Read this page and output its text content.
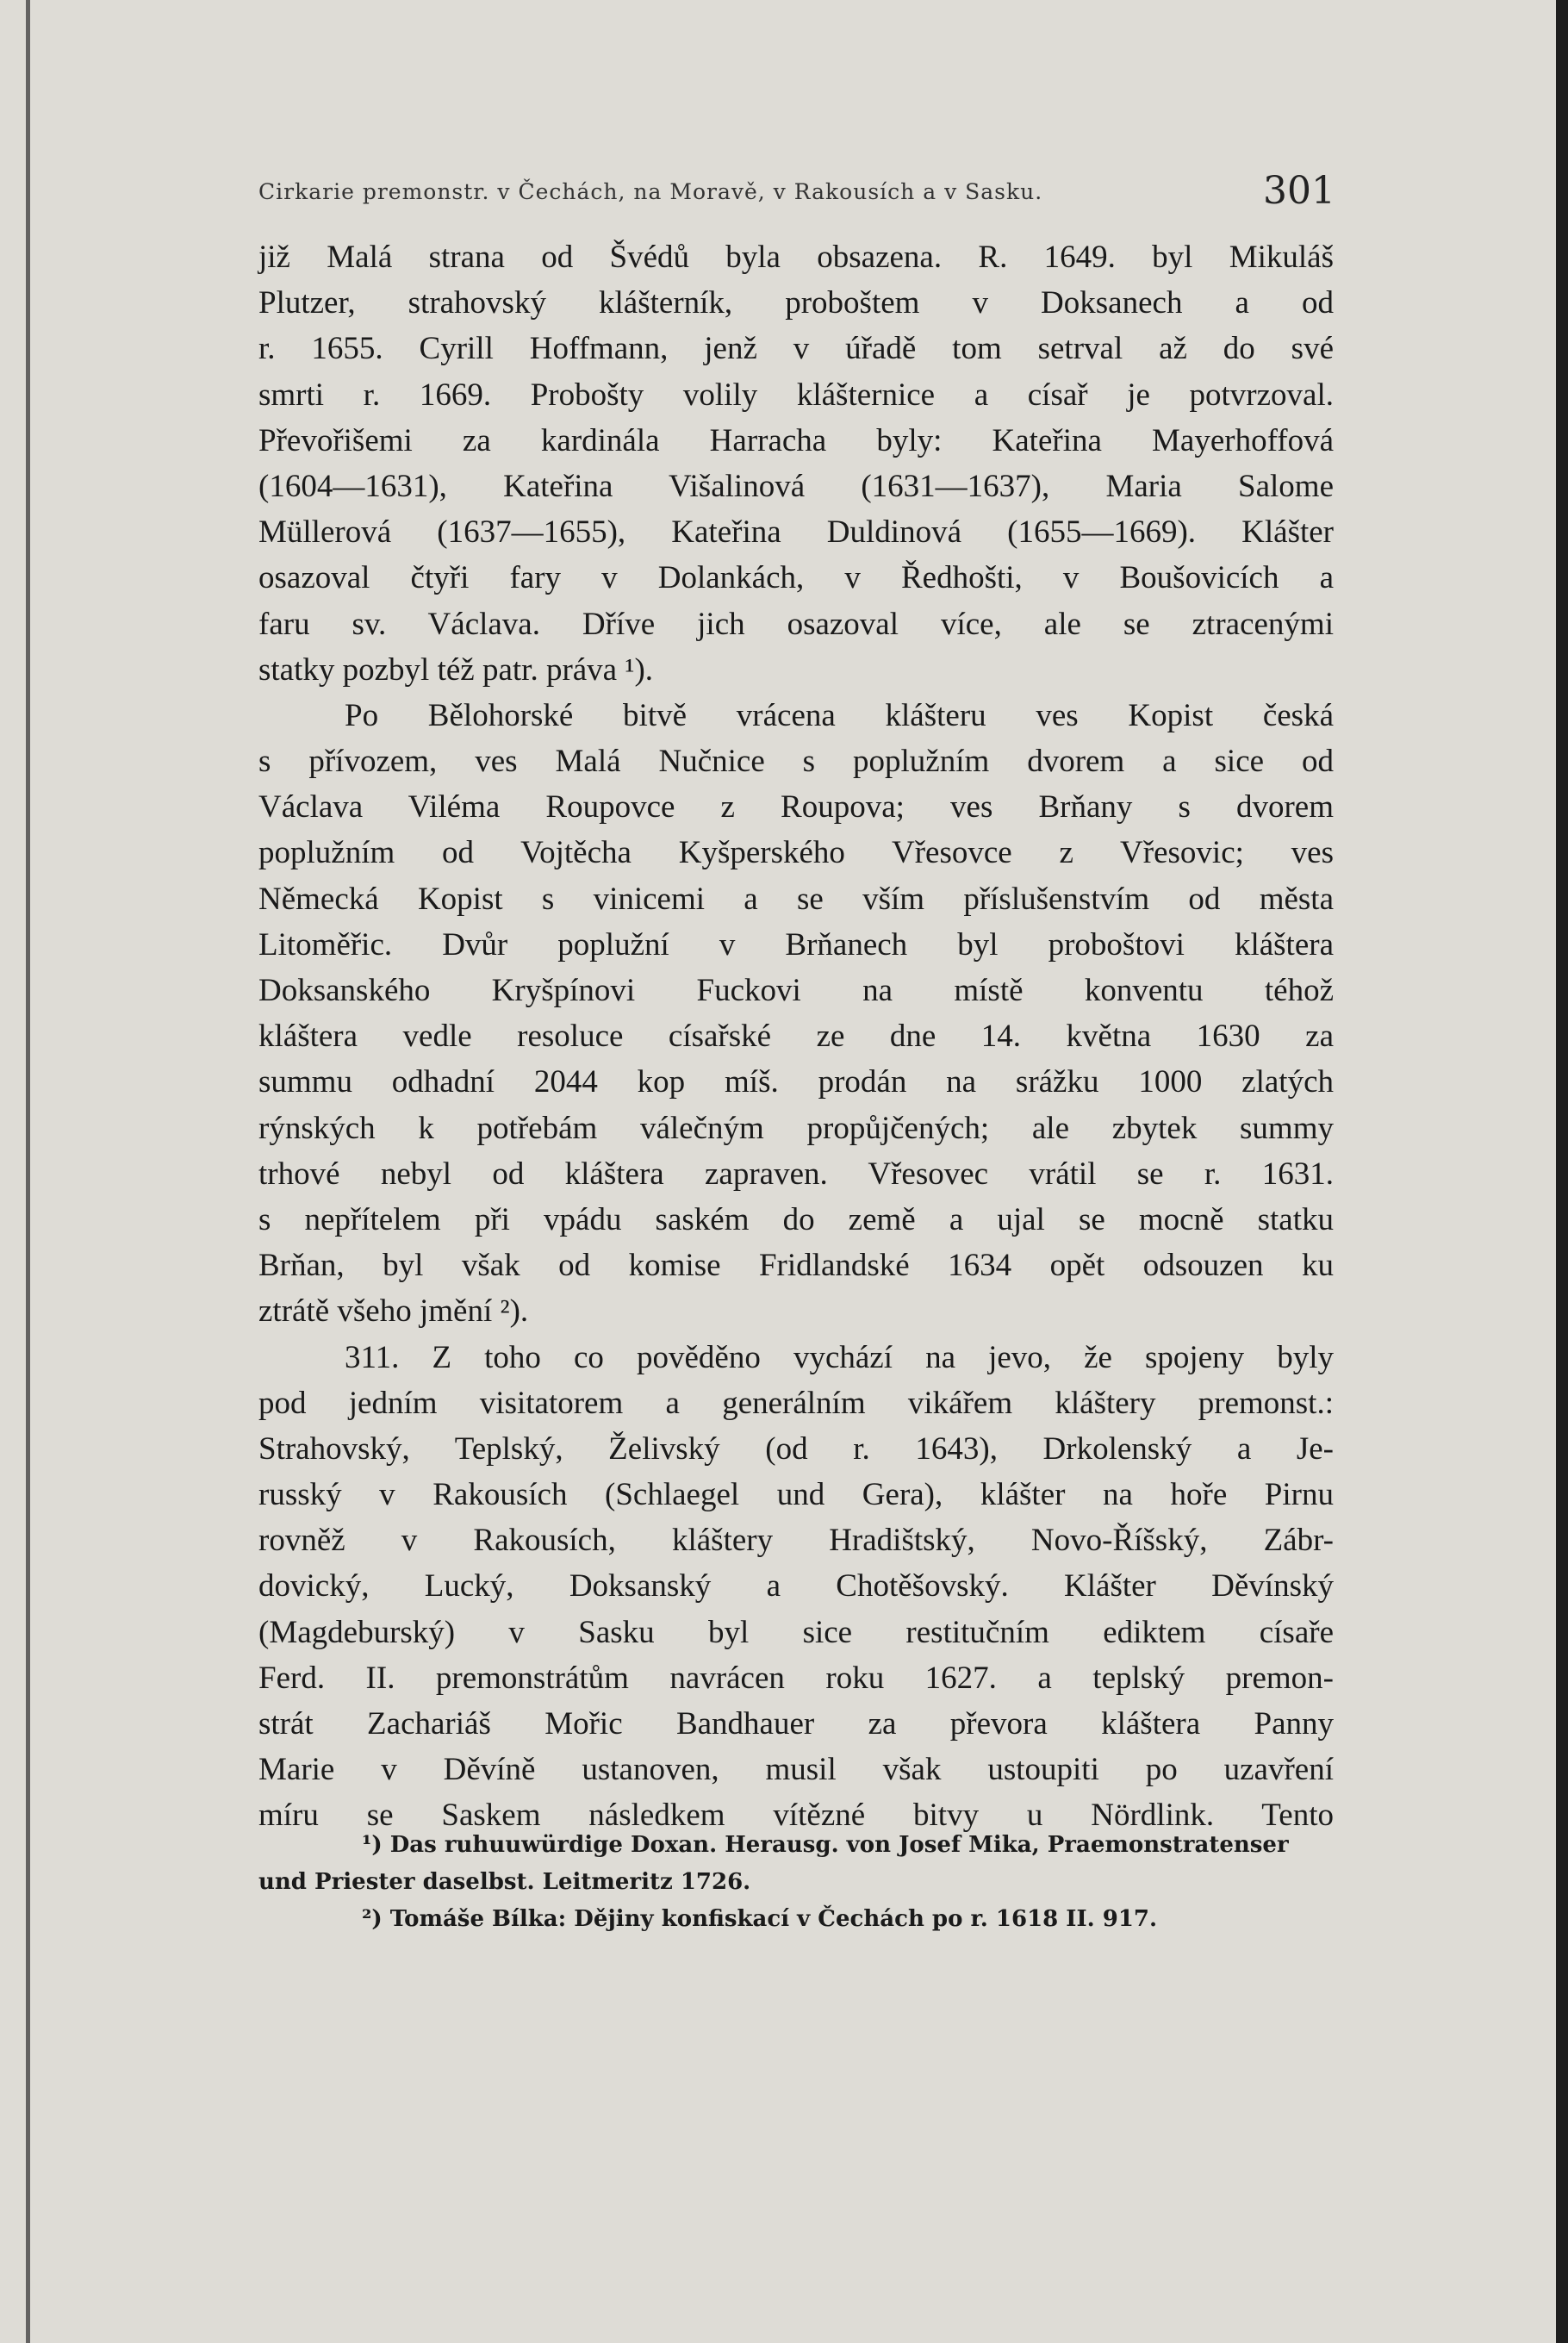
Cirkarie premonstr. v Čechách, na Moravě, v Rakousích a v Sasku.	301
již Malá strana od Švédů byla obsazena. R. 1649. byl Mikuláš
Plutzer, strahovský klášterník, proboštem v Doksanech a od
r. 1655. Cyrill Hoffmann, jenž v úřadě tom setrval až do své
smrti r. 1669. Probošty volily klášternice a císař je potvrzoval.
Převořišemi za kardinála Harracha byly: Kateřina Mayerhoffová
(1604—1631), Kateřina Višalinová (1631—1637), Maria Salome
Müllerová (1637—1655), Kateřina Duldinová (1655—1669). Klášter
osazoval čtyři fary v Dolankách, v Ředhošti, v Boušovicích a
faru sv. Václava. Dříve jich osazoval více, ale se ztracenými
statky pozbyl též patr. práva ¹).
Po Bělohorské bitvě vrácena klášteru ves Kopist česká
s přívozem, ves Malá Nučnice s poplužním dvorem a sice od
Václava Viléma Roupovce z Roupova; ves Brňany s dvorem
poplužním od Vojtěcha Kyšperského Vřesovce z Vřesovic; ves
Německá Kopist s vinicemi a se vším příslušenstvím od města
Litoměřic. Dvůr poplužní v Brňanech byl proboštovi kláštera
Doksanského Kryšpínovi Fuckovi na místě konventu téhož
kláštera vedle resoluce císařské ze dne 14. května 1630 za
summu odhadní 2044 kop míš. prodán na srážku 1000 zlatých
rýnských k potřebám válečným propůjčených; ale zbytek summy
trhové nebyl od kláštera zapraven. Vřesovec vrátil se r. 1631.
s nepřítelem při vpádu saském do země a ujal se mocně statku
Brňan, byl však od komise Fridlandské 1634 opět odsouzen ku
ztrátě všeho jmění ²).
311. Z toho co pověděno vychází na jevo, že spojeny byly
pod jedním visitatorem a generálním vikářem kláštery premonst.:
Strahovský, Teplský, Želivský (od r. 1643), Drkolenský a Je-
russký v Rakousích (Schlaegel und Gera), klášter na hoře Pirnu
rovněž v Rakousích, kláštery Hradištský, Novo-Říšský, Zábr-
dovický, Lucký, Doksanský a Chotěšovský. Klášter Děvínský
(Magdeburský) v Sasku byl sice restitučním ediktem císaře
Ferd. II. premonstrátům navrácen roku 1627. a teplský premon-
strát Zachariáš Mořic Bandhauer za převora kláštera Panny
Marie v Děvíně ustanoven, musil však ustoupiti po uzavření
míru se Saskem následkem vítězné bitvy u Nördlink. Tento
¹) Das ruhuuwürdige Doxan. Herausg. von Josef Mika, Praemonstratenser
und Priester daselbst. Leitmeritz 1726.
²) Tomáše Bílka: Dějiny konfiskací v Čechách po r. 1618 II. 917.
